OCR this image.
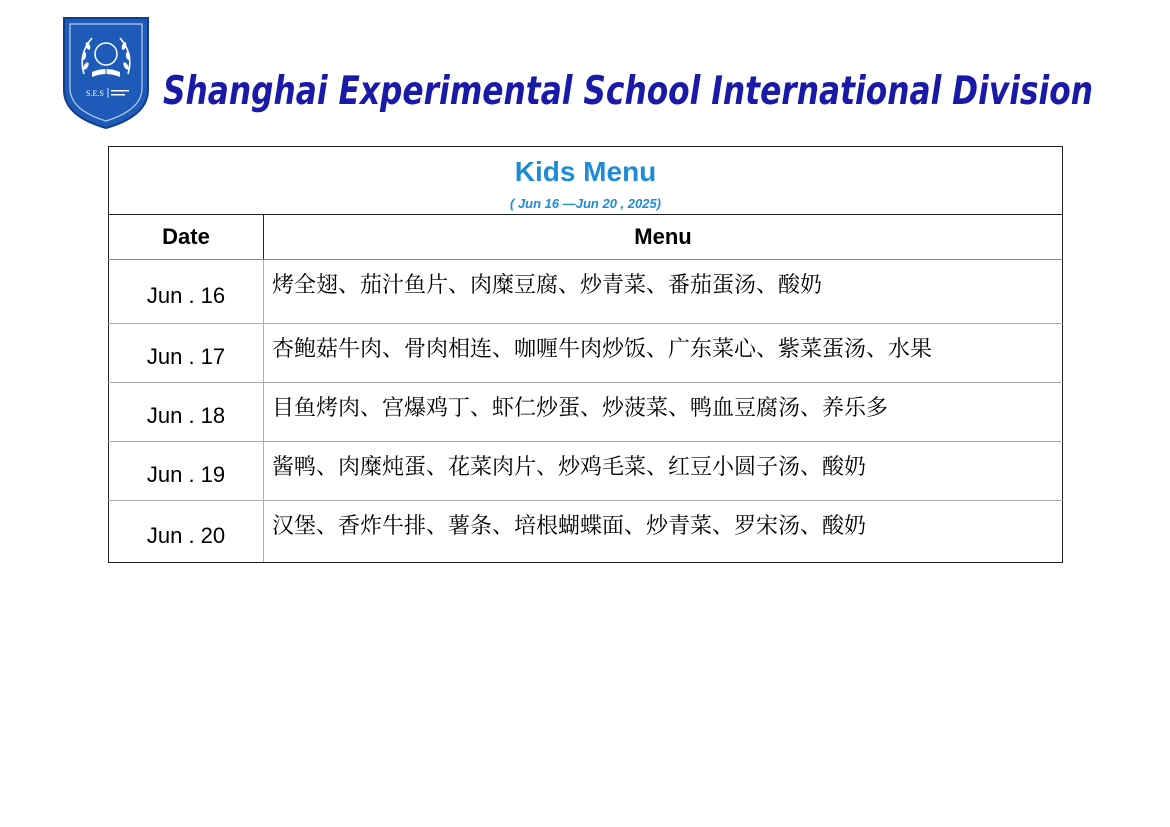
S.E.S Shanghai Experimental School International Division
Kids Menu
( Jun 16 —Jun 20 , 2025)	

Date	Menu
Jun . 16	烤全翅、茄汁鱼片、肉糜豆腐、炒青菜、番茄蛋汤、酸奶
Jun . 17	杏鲍菇牛肉、骨肉相连、咖喱牛肉炒饭、广东菜心、紫菜蛋汤、水果
Jun . 18	目鱼烤肉、宫爆鸡丁、虾仁炒蛋、炒菠菜、鸭血豆腐汤、养乐多
Jun . 19	酱鸭、肉糜炖蛋、花菜肉片、炒鸡毛菜、红豆小圆子汤、酸奶
Jun . 20	汉堡、香炸牛排、薯条、培根蝴蝶面、炒青菜、罗宋汤、酸奶
